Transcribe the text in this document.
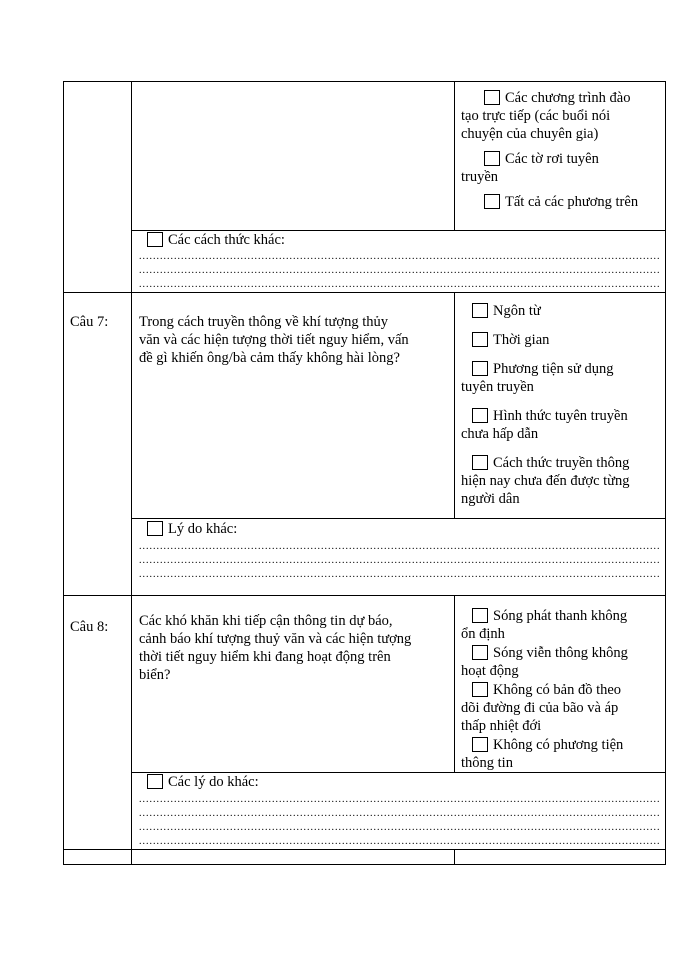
Các chương trình đào
tạo trực tiếp (các buổi nói
chuyện của chuyên gia)
Các tờ rơi tuyên
truyền
Tất cả các phương trên
Các cách thức khác:
.....
.....
.....
Câu 7: Trong cách truyền thông về khí tượng thủy
văn và các hiện tượng thời tiết nguy hiểm, vấn
đề gì khiến ông/bà cảm thấy không hài lòng?
Ngôn từ
Thời gian
Phương tiện sử dụng
tuyên truyền
Hình thức tuyên truyền
chưa hấp dẫn
Cách thức truyền thông
hiện nay chưa đến được từng
người dân
Lý do khác:
.....
.....
.....
Câu 8: Các khó khăn khi tiếp cận thông tin dự báo,
cảnh báo khí tượng thuỷ văn và các hiện tượng
thời tiết nguy hiểm khi đang hoạt động trên
biển?
Sóng phát thanh không
ổn định
Sóng viễn thông không
hoạt động
Không có bản đồ theo
dõi đường đi của bão và áp
thấp nhiệt đới
Không có phương tiện
thông tin
Các lý do khác:
.....
.....
.....
.....
